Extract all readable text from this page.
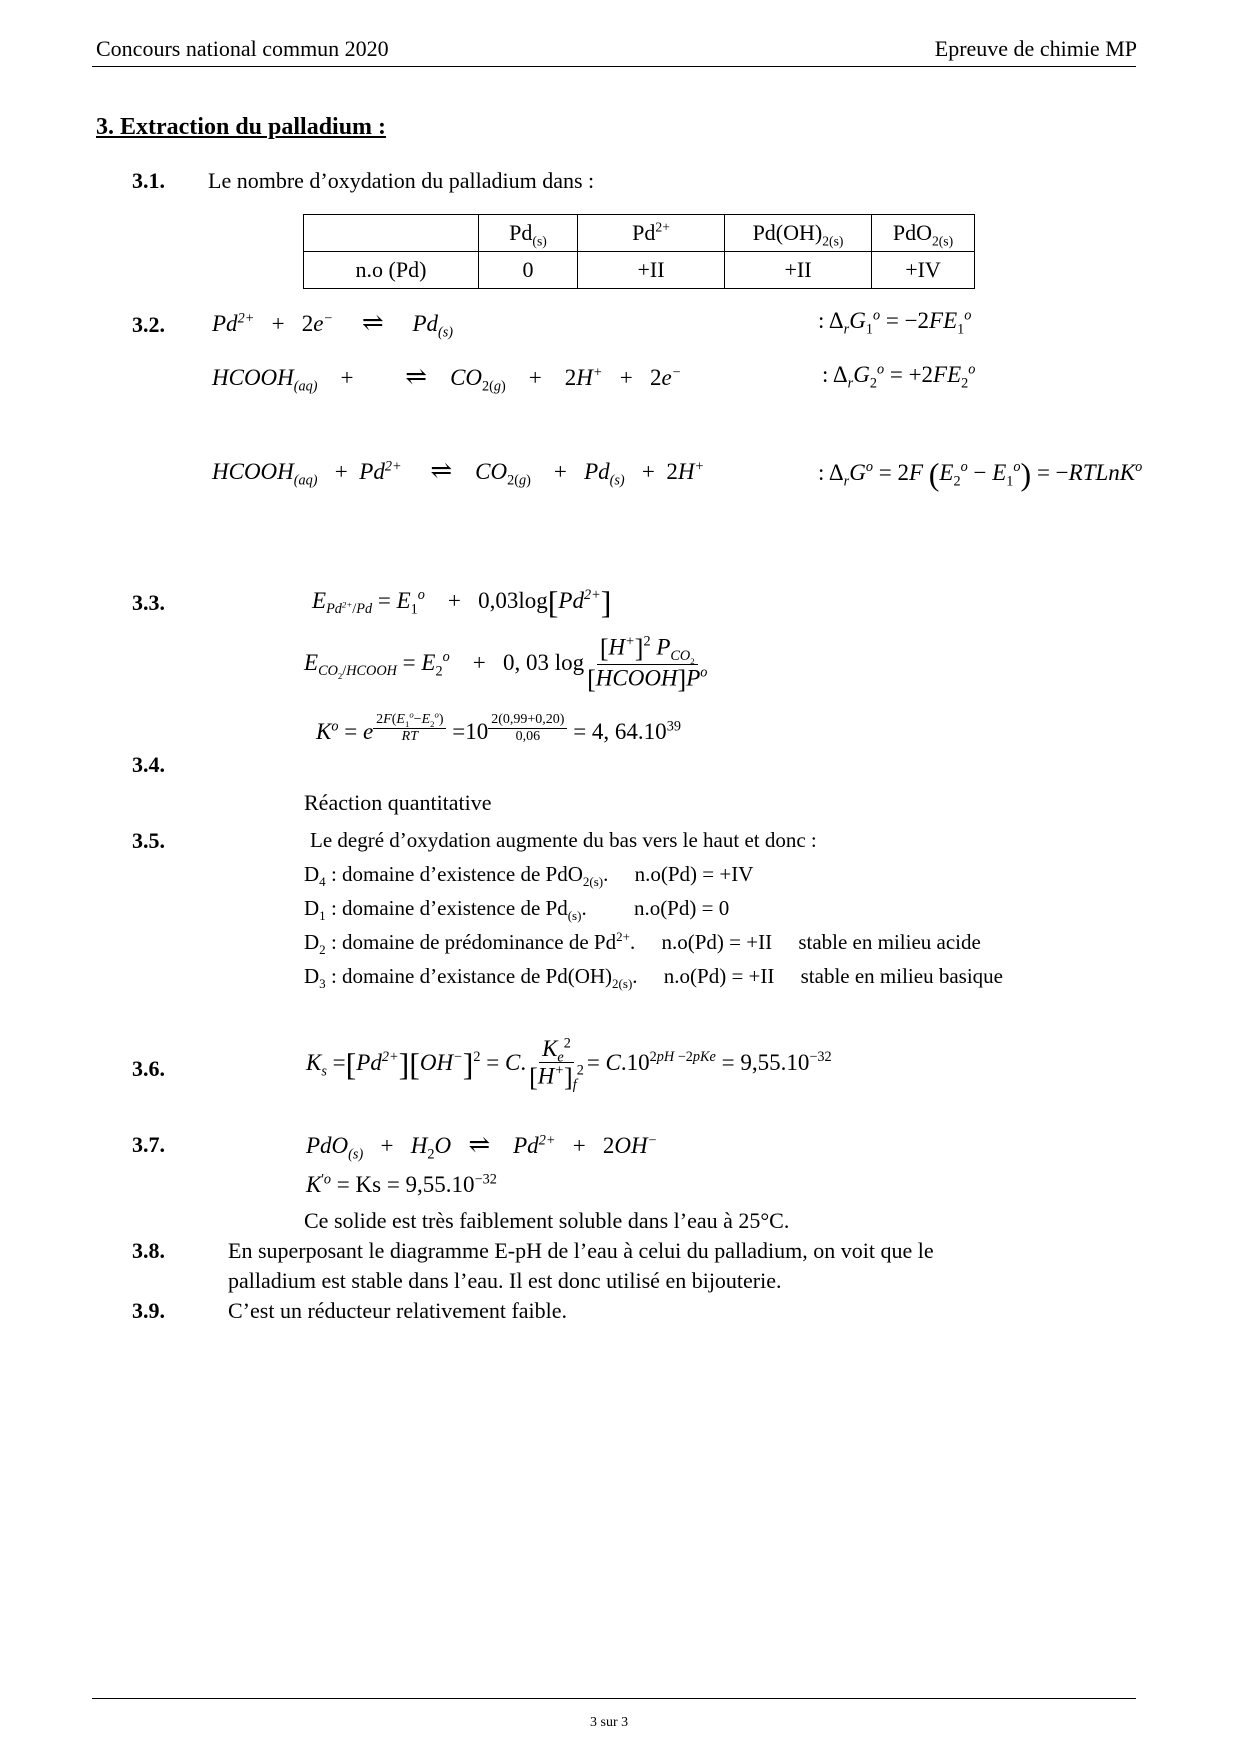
Concours national commun 2020	Epreuve de chimie MP
3. Extraction du palladium :
3.1. Le nombre d’oxydation du palladium dans :
	$Pd_{(s)}$	$Pd^{2+}$	$Pd(OH)_{2(s)}$	PdO$_{2(s)}$
n.o (Pd)	0	+II	+II	+IV
3.2. $Pd^{2+} + 2e^-$ ⇌     $Pd_{(s)}$	: $\Delta_rG_1^o = -2FE_1^o$
$HCOOH_{(aq)}$ + ⇌    $CO_{2(g)} + 2H^+ + 2e^-$	: $\Delta_rG_2^o = +2FE_2^o$
$HCOOH_{(aq)} + Pd^{2+}$ ⇌    $CO_{2(g)} + Pd_{(s)} + 2H^+$	: $\Delta_rG^o = 2F$ $(E_2^o - E_1^o)$ = −RTLnK$^o$
3.3.	$E_{Pd^{2+}/Pd} = E_1^o + 0,03\log[Pd^{2+}]$
$E_{CO_2/HCOOH} = E_2^o + 0$, 03 $\log \frac{[H^+]^2 P_{CO_2}}{[HCOOH]P^o}$
3.4.
$K^o = e \frac{2F(E_1^o-E_2^o)}{RT} =10 \frac{2(0,99+0,20)}{0,06} = 4$, 64.10$^{39}$
Réaction quantitative
3.5.	Le degré d’oxydation augmente du bas vers le haut et donc :
$D_4$ : domaine d’existence de PdO$_{2(s)}$. n.o(Pd) = +IV
$D_1$ : domaine d’existence de $Pd_{(s)}$. n.o(Pd) = 0
$D_2$ : domaine de prédominance de $Pd^{2+}$. n.o(Pd) = +II stable en milieu acide
$D_3$ : domaine d’existance de $Pd(OH)_{2(s)}$. n.o(Pd) = +II stable en milieu basique
3.6.	$K_s =[Pd^{2+}][OH^-]^2 = C$. $\frac{K_e^2}{[H^+]_f^2} = C.10^{2pH -2pKe} = 9,55.10^{-32}$
3.7.	$PdO_{(s)} + H_2O$   ⇌    $Pd^{2+} + 2OH^-$
$K^{'o} = Ks = 9,55.10^{-32}$
Ce solide est très faiblement soluble dans l’eau à 25°C.
3.8.	En superposant le diagramme E-pH de l’eau à celui du palladium, on voit que le
palladium est stable dans l’eau. Il est donc utilisé en bijouterie.
3.9.	C’est un réducteur relativement faible.
3 sur 3
